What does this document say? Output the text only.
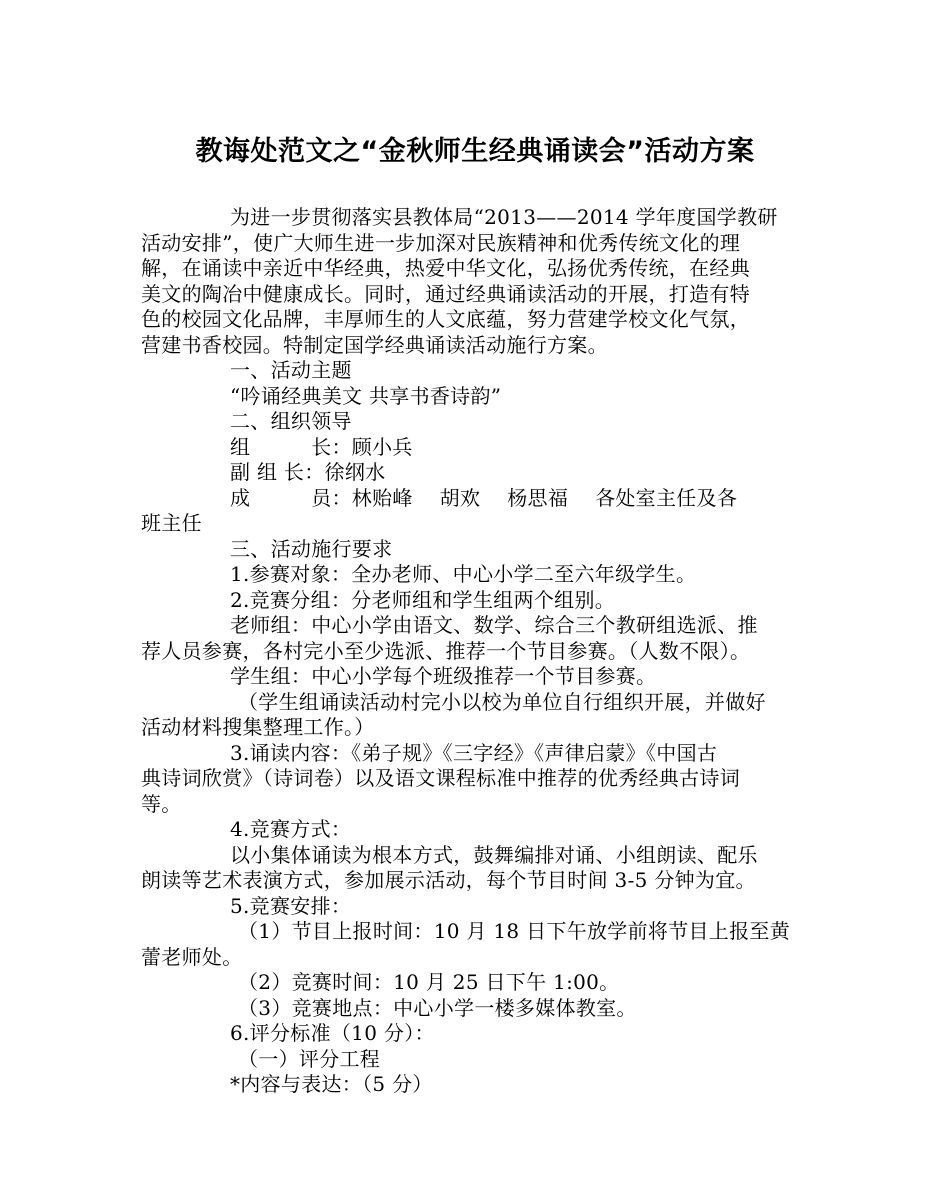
教诲处范文之“金秋师生经典诵读会”活动方案

为进一步贯彻落实县教体局“2013——2014 学年度国学教研

活动安排”，使广大师生进一步加深对民族精神和优秀传统文化的理

解，在诵读中亲近中华经典，热爱中华文化，弘扬优秀传统，在经典

美文的陶冶中健康成长。同时，通过经典诵读活动的开展，打造有特

色的校园文化品牌，丰厚师生的人文底蕴，努力营建学校文化气氛，

营建书香校园。特制定国学经典诵读活动施行方案。

一、活动主题

“吟诵经典美文 共享书香诗韵”

二、组织领导

组　　　长：顾小兵

副 组 长：徐纲水

成　　　员：林贻峰　 胡欢　 杨思福　 各处室主任及各

班主任

三、活动施行要求

1.参赛对象：全办老师、中心小学二至六年级学生。

2.竞赛分组：分老师组和学生组两个组别。

老师组：中心小学由语文、数学、综合三个教研组选派、推

荐人员参赛，各村完小至少选派、推荐一个节目参赛。（人数不限）。

学生组：中心小学每个班级推荐一个节目参赛。

（学生组诵读活动村完小以校为单位自行组织开展，并做好

活动材料搜集整理工作。）

3.诵读内容：《弟子规》《三字经》《声律启蒙》《中国古

典诗词欣赏》（诗词卷）以及语文课程标准中推荐的优秀经典古诗词

等。

4.竞赛方式：

以小集体诵读为根本方式，鼓舞编排对诵、小组朗读、配乐

朗读等艺术表演方式，参加展示活动，每个节目时间 3-5 分钟为宜。

5.竞赛安排：

（1）节目上报时间：10 月 18 日下午放学前将节目上报至黄

蕾老师处。

（2）竞赛时间：10 月 25 日下午 1:00。

（3）竞赛地点：中心小学一楼多媒体教室。

6.评分标准（10 分）：

（一）评分工程

*内容与表达：（5 分）
